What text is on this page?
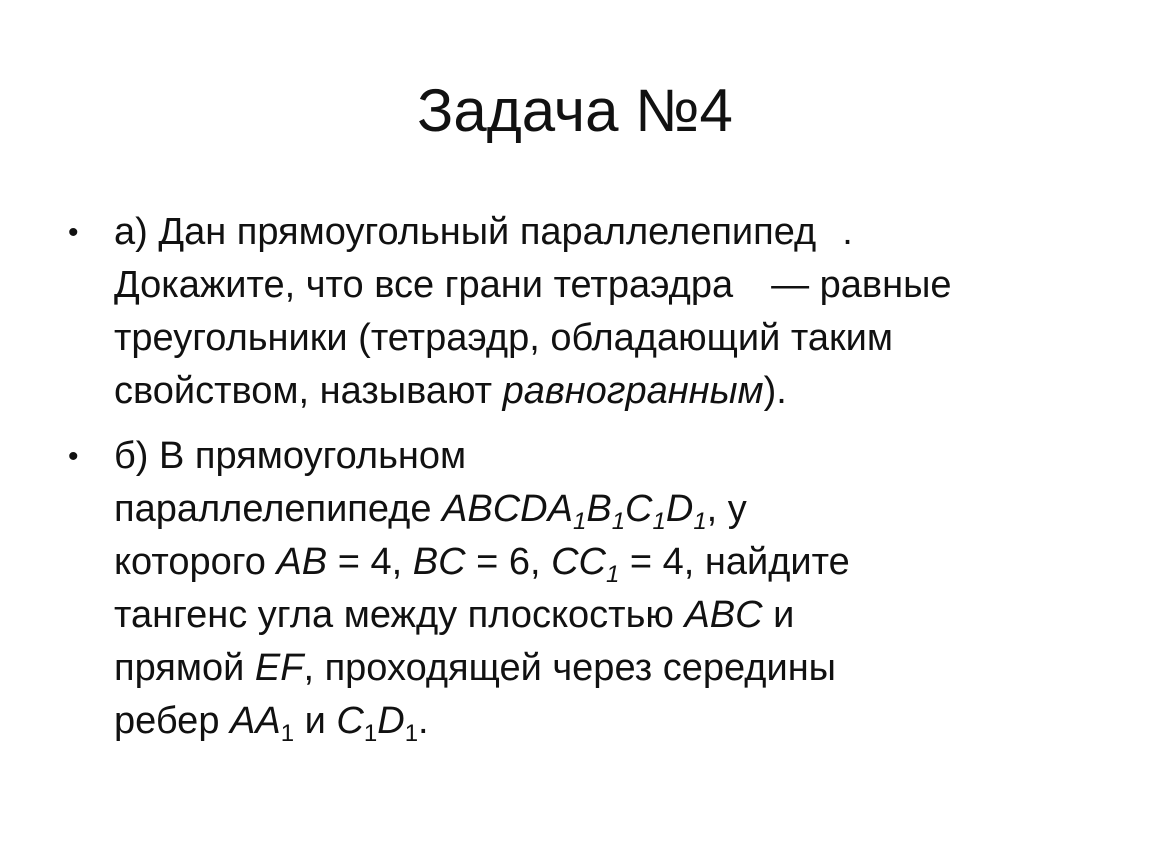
Задача №4
• а) Дан прямоугольный параллелепипед .
Докажите, что все грани тетраэдра — равные
треугольники (тетраэдр, обладающий таким
свойством, называют равногранным).
• б) В прямоугольном
параллелепипеде $ABCDA_1B_1C_1D_1$, у
которого AB = 4, BC = 6, $CC_1 = 4$, найдите
тангенс угла между плоскостью ABC и
прямой EF, проходящей через середины
ребер $AA_1$ и $C_1D_1$.
